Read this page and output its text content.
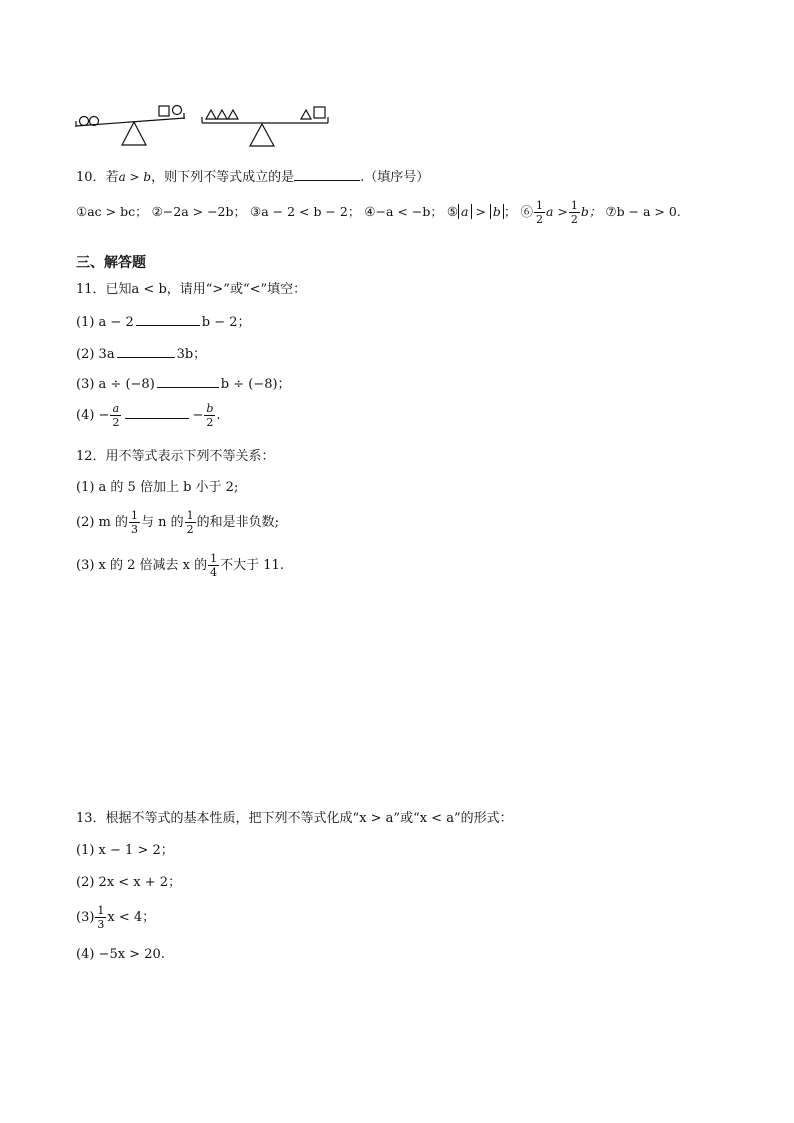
10．若a > b，则下列不等式成立的是	.（填序号）
①ac > bc； ②−2a > −2b； ③a − 2 < b − 2； ④−a < −b； ⑤ a > b ； ⑥ $\frac{1}{2}$ $a > \frac{1}{2}$ b； ⑦b − a > 0.
三、解答题
11．已知a < b，请用“>”或“<”填空：
(1) a − 2	b − 2；
(2) 3a	3b；
(3) a ÷ (−8)	b ÷ (−8)；
$(4) - \frac{a}{2}$	− $\frac{b}{2}$ .
12．用不等式表示下列不等关系：
(1) a 的 5 倍加上 b 小于 2;
(2) m 的 $\frac{1}{3}$ 与 n 的 $\frac{1}{2}$ 的和是非负数;
(3) x 的 2 倍减去 x 的 $\frac{1}{4}$ 不大于 11.
13．根据不等式的基本性质，把下列不等式化成“x > a”或“x < a”的形式：
(1) x − 1 > 2；
(2) 2x < x + 2；
$(3) \frac{1}{3}$ x < 4；
(4) −5x > 20.
